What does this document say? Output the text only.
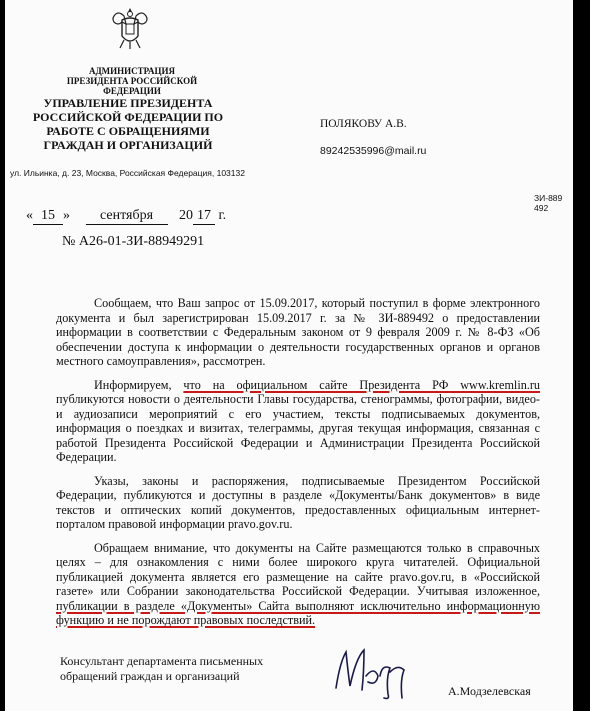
АДМИНИСТРАЦИЯ ПРЕЗИДЕНТА РОССИЙСКОЙ ФЕДЕРАЦИИ
УПРАВЛЕНИЕ ПРЕЗИДЕНТА РОССИЙСКОЙ ФЕДЕРАЦИИ ПО РАБОТЕ С ОБРАЩЕНИЯМИ ГРАЖДАН И ОРГАНИЗАЦИЙ
ПОЛЯКОВУ А.В.
89242535996@mail.ru
ул. Ильинка, д. 23, Москва, Российская Федерация, 103132
ЗИ-889492
« 15 » сентября 20 17 г.
№ А26-01-ЗИ-88949291

Сообщаем, что Ваш запрос от 15.09.2017, который поступил в форме электронного документа и был зарегистрирован 15.09.2017 г. за № ЗИ-889492 о предоставлении информации в соответствии с Федеральным законом от 9 февраля 2009 г. № 8-ФЗ «Об обеспечении доступа к информации о деятельности государственных органов и органов местного самоуправления», рассмотрен.

Информируем, что на официальном сайте Президента РФ www.kremlin.ru публикуются новости о деятельности Главы государства, стенограммы, фотографии, видео- и аудиозаписи мероприятий с его участием, тексты подписываемых документов, информация о поездках и визитах, телеграммы, другая текущая информация, связанная с работой Президента Российской Федерации и Администрации Президента Российской Федерации.

Указы, законы и распоряжения, подписываемые Президентом Российской Федерации, публикуются и доступны в разделе «Документы/Банк документов» в виде текстов и оптических копий документов, предоставленных официальным интернет-порталом правовой информации pravo.gov.ru.

Обращаем внимание, что документы на Сайте размещаются только в справочных целях – для ознакомления с ними более широкого круга читателей. Официальной публикацией документа является его размещение на сайте pravo.gov.ru, в «Российской газете» или Собрании законодательства Российской Федерации. Учитывая изложенное, публикации в разделе «Документы» Сайта выполняют исключительно информационную функцию и не порождают правовых последствий.

Консультант департамента письменных обращений граждан и организаций
А.Модзелевская
